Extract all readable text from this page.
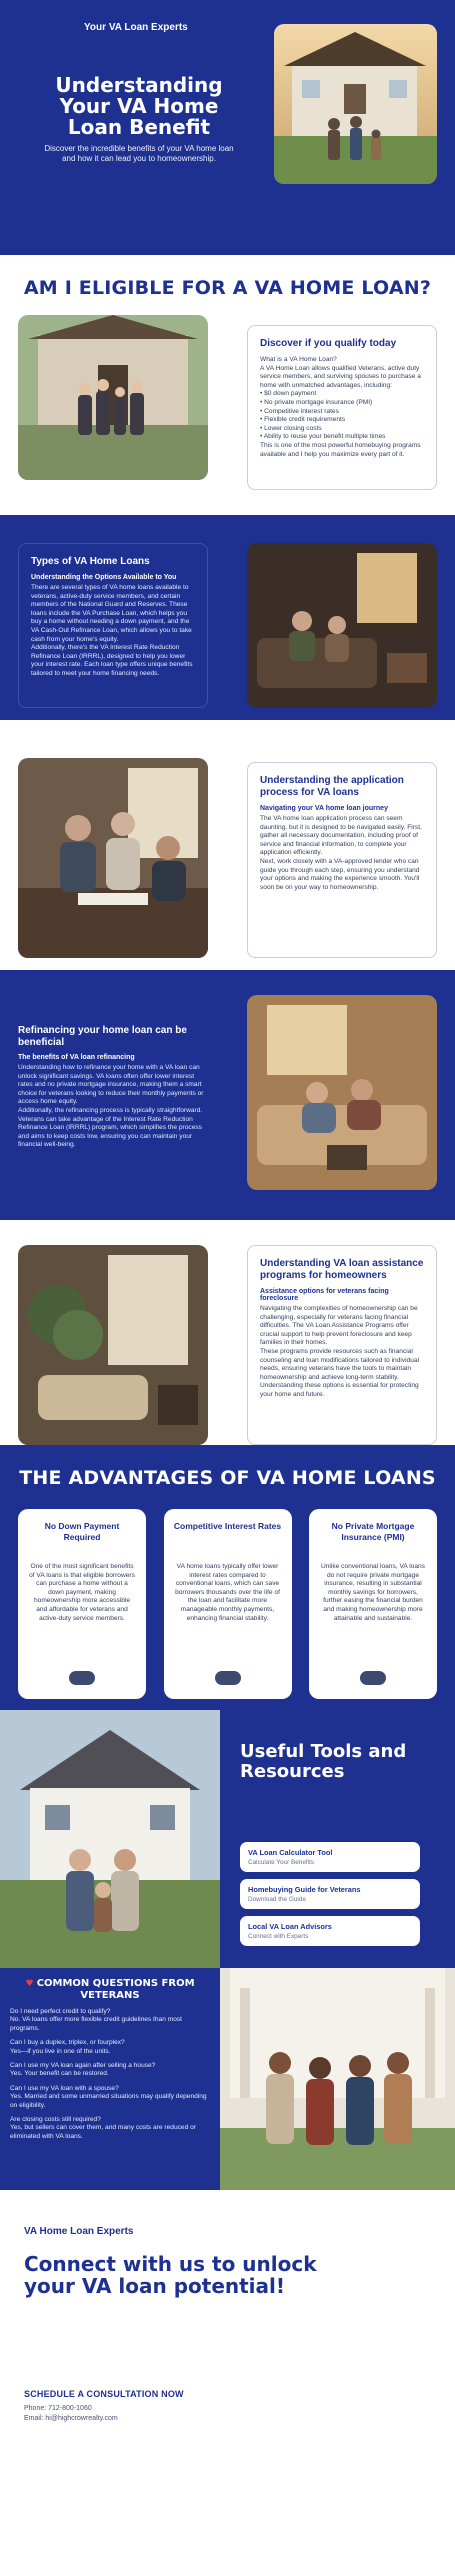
Your VA Loan Experts
Understanding Your VA Home Loan Benefit

Discover the incredible benefits of your VA home loan and how it can lead you to homeownership.

AM I ELIGIBLE FOR A VA HOME LOAN?
Discover if you qualify today

What is a VA Home Loan?

A VA Home Loan allows qualified Veterans, active duty service members, and surviving spouses to purchase a home with unmatched advantages, including:

• $0 down payment
• No private mortgage insurance (PMI)
• Competitive interest rates
• Flexible credit requirements
• Lower closing costs
• Ability to reuse your benefit multiple times

This is one of the most powerful homebuying programs available and I help you maximize every part of it.

Types of VA Home Loans
Understanding the Options Available to You

There are several types of VA home loans available to veterans, active-duty service members, and certain members of the National Guard and Reserves. These loans include the VA Purchase Loan, which helps you buy a home without needing a down payment, and the VA Cash-Out Refinance Loan, which allows you to take cash from your home's equity.

Additionally, there's the VA Interest Rate Reduction Refinance Loan (IRRRL), designed to help you lower your interest rate. Each loan type offers unique benefits tailored to meet your home financing needs.

Understanding the application process for VA loans
Navigating your VA home loan journey

The VA home loan application process can seem daunting, but it is designed to be navigated easily. First, gather all necessary documentation, including proof of service and financial information, to complete your application efficiently.

Next, work closely with a VA-approved lender who can guide you through each step, ensuring you understand your options and making the experience smooth. You'll soon be on your way to homeownership.

Refinancing your home loan can be beneficial
The benefits of VA loan refinancing

Understanding how to refinance your home with a VA loan can unlock significant savings. VA loans often offer lower interest rates and no private mortgage insurance, making them a smart choice for veterans looking to reduce their monthly payments or access home equity.

Additionally, the refinancing process is typically straightforward. Veterans can take advantage of the Interest Rate Reduction Refinance Loan (IRRRL) program, which simplifies the process and aims to keep costs low, ensuring you can maintain your financial well-being.

Understanding VA loan assistance programs for homeowners
Assistance options for veterans facing foreclosure

Navigating the complexities of homeownership can be challenging, especially for veterans facing financial difficulties. The VA Loan Assistance Programs offer crucial support to help prevent foreclosure and keep families in their homes.

These programs provide resources such as financial counseling and loan modifications tailored to individual needs, ensuring veterans have the tools to maintain homeownership and achieve long-term stability. Understanding these options is essential for protecting your home and future.

THE ADVANTAGES OF VA HOME LOANS
No Down Payment Required

One of the most significant benefits of VA loans is that eligible borrowers can purchase a home without a down payment, making homeownership more accessible and affordable for veterans and active-duty service members.

Competitive Interest Rates

VA home loans typically offer lower interest rates compared to conventional loans, which can save borrowers thousands over the life of the loan and facilitate more manageable monthly payments, enhancing financial stability.

No Private Mortgage Insurance (PMI)

Unlike conventional loans, VA loans do not require private mortgage insurance, resulting in substantial monthly savings for borrowers, further easing the financial burden and making homeownership more attainable and sustainable.

Useful Tools and Resources
VA Loan Calculator Tool
Calculate Your Benefits
Homebuying Guide for Veterans
Download the Guide
Local VA Loan Advisors
Connect with Experts
♥ COMMON QUESTIONS FROM VETERANS
Do I need perfect credit to qualify?
No. VA loans offer more flexible credit guidelines than most programs.
Can I buy a duplex, triplex, or fourplex?
Yes—if you live in one of the units.
Can I use my VA loan again after selling a house?
Yes. Your benefit can be restored.
Can I use my VA loan with a spouse?
Yes. Married and some unmarried situations may qualify depending on eligibility.
Are closing costs still required?
Yes, but sellers can cover them, and many costs are reduced or eliminated with VA loans.
VA Home Loan Experts
Connect with us to unlock your VA loan potential!
SCHEDULE A CONSULTATION NOW
Phone: 712-800-1060
Email: hi@highcrowrealty.com
